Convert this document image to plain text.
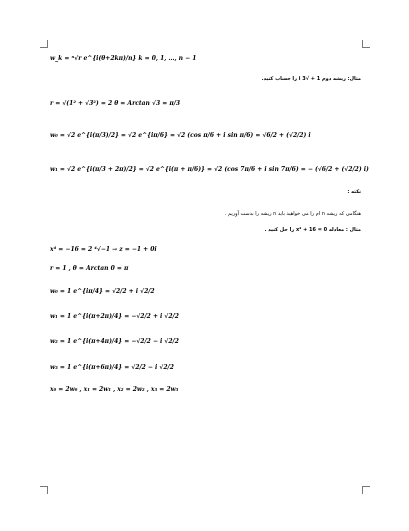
w_k = ⁿ√r e^{i(θ+2kπ)/n} k = 0, 1, …, n − 1
مثال: ریشه دوم 1 + √3 i را حساب کنید.
r = √(1² + √3²) = 2 θ = Arctan √3 = π/3
w₀ = √2 e^{i(π/3)/2} = √2 e^{iπ/6} = √2 (cos π/6 + i sin π/6) = √6/2 + (√2/2) i
w₁ = √2 e^{i(π/3 + 2π)/2} = √2 e^{i(π + π/6)} = √2 (cos 7π/6 + i sin 7π/6) = − (√6/2 + (√2/2) i)
نکته :
هنگامی که ریشه n ام را می خواهید باید n ریشه را بدست آوریم .
مثال : معادله x⁴ + 16 = 0 را حل کنید .
x⁴ = −16 = 2 ⁴√−1 → z = −1 + 0i
r = 1 , θ = Arctan 0 = π
w₀ = 1 e^{iπ/4} = √2/2 + i √2/2
w₁ = 1 e^{i(π+2π)/4} = −√2/2 + i √2/2
w₂ = 1 e^{i(π+4π)/4} = −√2/2 − i √2/2
w₃ = 1 e^{i(π+6π)/4} = √2/2 − i √2/2
x₀ = 2w₀ , x₁ = 2w₁ , x₂ = 2w₂ , x₃ = 2w₃
